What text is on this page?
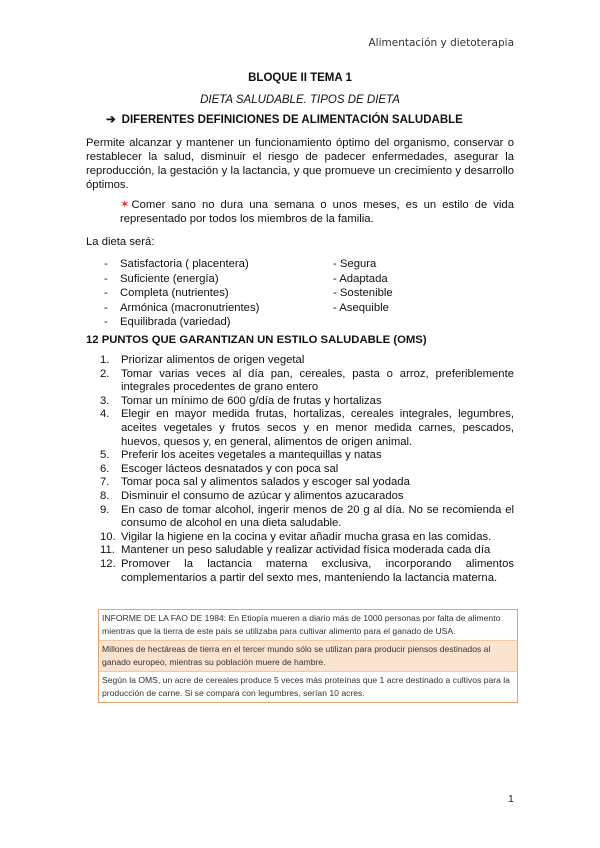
Alimentación y dietoterapia
BLOQUE II TEMA 1
DIETA SALUDABLE. TIPOS DE DIETA
➔ DIFERENTES DEFINICIONES DE ALIMENTACIÓN SALUDABLE
Permite alcanzar y mantener un funcionamiento óptimo del organismo, conservar o restablecer la salud, disminuir el riesgo de padecer enfermedades, asegurar la reproducción, la gestación y la lactancia, y que promueve un crecimiento y desarrollo óptimos.
✶ Comer sano no dura una semana o unos meses, es un estilo de vida representado por todos los miembros de la familia.
La dieta será:
- Satisfactoria ( placentera)	- Segura
- Suficiente (energía)	- Adaptada
- Completa (nutrientes)	- Sostenible
- Armónica (macronutrientes)	- Asequible
- Equilibrada (variedad)
12 PUNTOS QUE GARANTIZAN UN ESTILO SALUDABLE (OMS)
1. Priorizar alimentos de origen vegetal
2. Tomar varias veces al día pan, cereales, pasta o arroz, preferiblemente integrales procedentes de grano entero
3. Tomar un mínimo de 600 g/día de frutas y hortalizas
4. Elegir en mayor medida frutas, hortalizas, cereales integrales, legumbres, aceites vegetales y frutos secos y en menor medida carnes, pescados, huevos, quesos y, en general, alimentos de origen animal.
5. Preferir los aceites vegetales a mantequillas y natas
6. Escoger lácteos desnatados y con poca sal
7. Tomar poca sal y alimentos salados y escoger sal yodada
8. Disminuir el consumo de azúcar y alimentos azucarados
9. En caso de tomar alcohol, ingerir menos de 20 g al día. No se recomienda el consumo de alcohol en una dieta saludable.
10. Vigilar la higiene en la cocina y evitar añadir mucha grasa en las comidas.
11. Mantener un peso saludable y realizar actividad física moderada cada día
12. Promover la lactancia materna exclusiva, incorporando alimentos complementarios a partir del sexto mes, manteniendo la lactancia materna.
INFORME DE LA FAO DE 1984: En Etiopía mueren a diario más de 1000 personas por falta de alimento mientras que la tierra de este país se utilizaba para cultivar alimento para el ganado de USA.
Millones de hectáreas de tierra en el tercer mundo sólo se utilizan para producir piensos destinados al ganado europeo, mientras su población muere de hambre.
Según la OMS, un acre de cereales produce 5 veces más proteínas que 1 acre destinado a cultivos para la producción de carne. Si se compara con legumbres, serían 10 acres.
1
